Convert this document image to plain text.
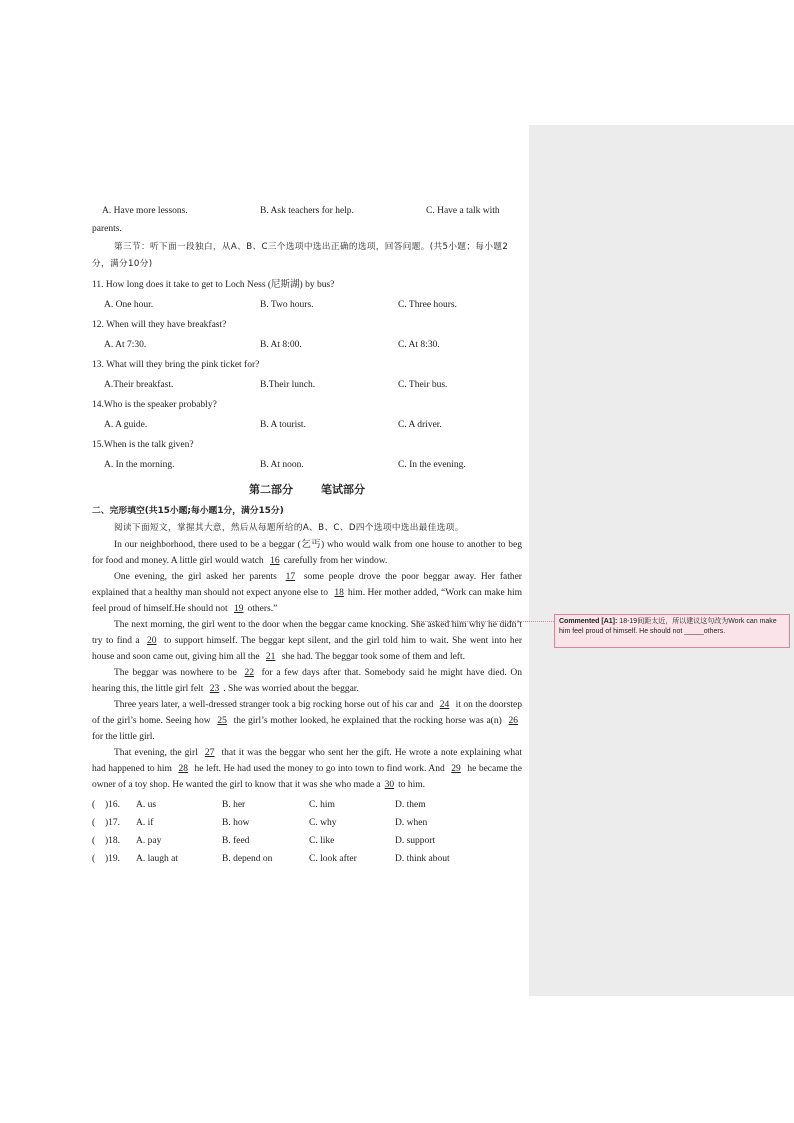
A. Have more lessons.	B. Ask teachers for help.	C. Have a talk with
parents.
第三节：听下面一段独白，从A、B、C三个选项中选出正确的选项，回答问题。(共5小题；每小题2分，满分10分)
11. How long does it take to get to Loch Ness (尼斯湖) by bus?
A. One hour.	B. Two hours.	C. Three hours.
12. When will they have breakfast?
A. At 7:30.	B. At 8:00.	C. At 8:30.
13. What will they bring the pink ticket for?
A.Their breakfast.	B.Their lunch.	C. Their bus.
14.Who is the speaker probably?
A. A guide.	B. A tourist.	C. A driver.
15.When is the talk given?
A. In the morning.	B. At noon.	C. In the evening.
第二部分	笔试部分
二、完形填空(共15小题;每小题1分，满分15分)
阅读下面短文，掌握其大意，然后从每题所给的A、B、C、D四个选项中选出最佳选项。

In our neighborhood, there used to be a beggar (乞丐) who would walk from one house to another to beg for food and money. A little girl would watch 16 carefully from her window.

One evening, the girl asked her parents 17 some people drove the poor beggar away. Her father explained that a healthy man should not expect anyone else to 18 him. Her mother added, “Work can make him feel proud of himself.He should not 19 others.”

The next morning, the girl went to the door when the beggar came knocking. She asked him why he didn’t try to find a 20 to support himself. The beggar kept silent, and the girl told him to wait. She went into her house and soon came out, giving him all the 21 she had. The beggar took some of them and left.

The beggar was nowhere to be 22 for a few days after that. Somebody said he might have died. On hearing this, the little girl felt 23 . She was worried about the beggar.

Three years later, a well-dressed stranger took a big rocking horse out of his car and 24 it on the doorstep of the girl’s home. Seeing how 25 the girl’s mother looked, he explained that the rocking horse was a(n) 26 for the little girl.

That evening, the girl 27 that it was the beggar who sent her the gift. He wrote a note explaining what had happened to him 28 he left. He had used the money to go into town to find work. And 29 he became the owner of a toy shop. He wanted the girl to know that it was she who made a 30 to him.

( )16. A. us	B. her	C. him	D. them
( )17. A. if	B. how	C. why	D. when
( )18. A. pay	B. feed	C. like	D. support
( )19. A. laugh at	B. depend on	C. look after	D. think about
Commented [A1]: 18-19间距太近，所以建议这句改为Work can make him feel proud of himself. He should not _____others.
